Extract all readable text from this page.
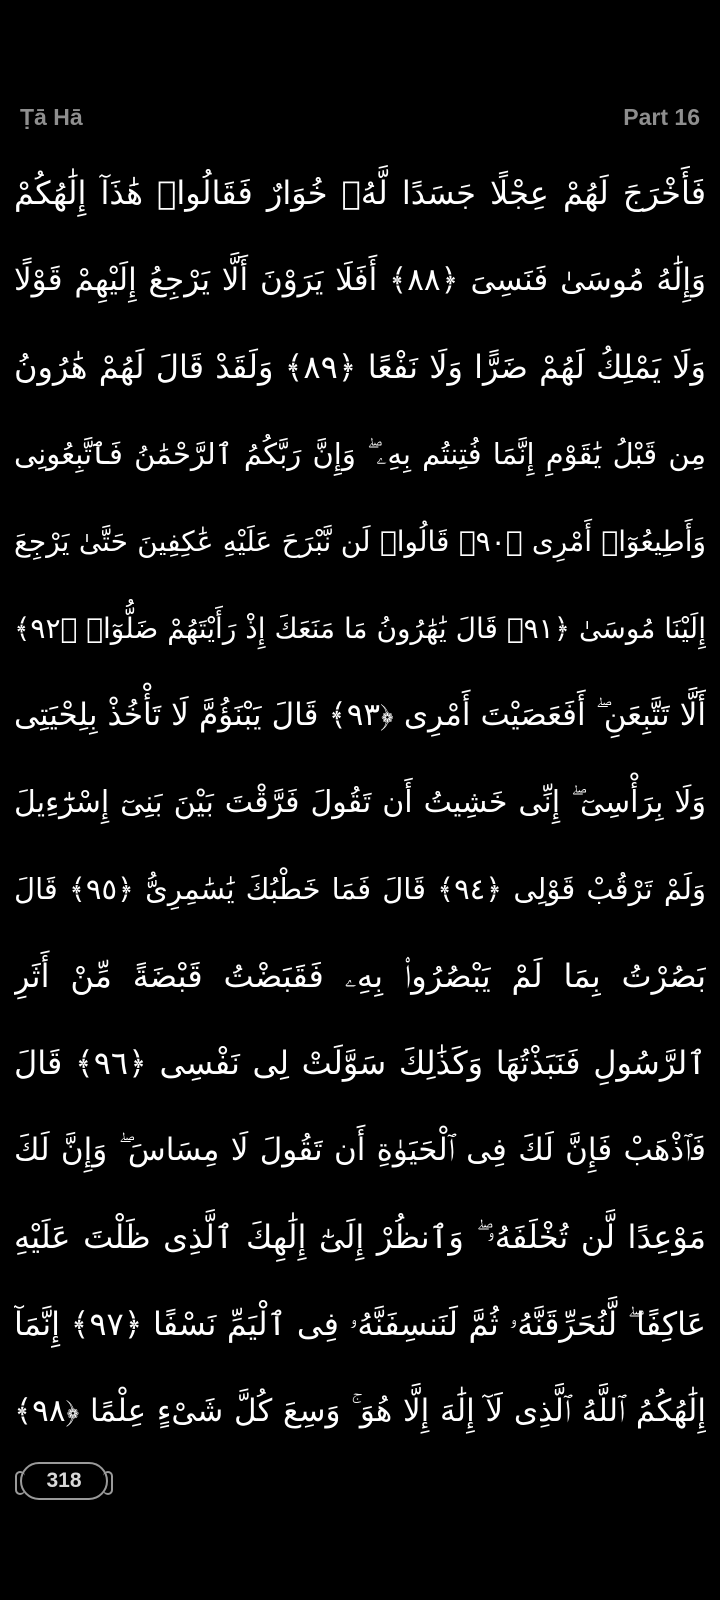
Ṭā Hā	Part 16
فَأَخْرَجَ لَهُمْ عِجْلًا جَسَدًا لَّهُۥ خُوَارٌ فَقَالُوا۟ هَٰذَآ إِلَٰهُكُمْ
وَإِلَٰهُ مُوسَىٰ فَنَسِىَ ﴿٨٨﴾ أَفَلَا يَرَوْنَ أَلَّا يَرْجِعُ إِلَيْهِمْ قَوْلًا
وَلَا يَمْلِكُ لَهُمْ ضَرًّا وَلَا نَفْعًا ﴿٨٩﴾ وَلَقَدْ قَالَ لَهُمْ هَٰرُونُ
مِن قَبْلُ يَٰقَوْمِ إِنَّمَا فُتِنتُم بِهِۦ ۖ وَإِنَّ رَبَّكُمُ ٱلرَّحْمَٰنُ فَٱتَّبِعُونِى
وَأَطِيعُوٓا۟ أَمْرِى ﴿٩٠﴾ قَالُوا۟ لَن نَّبْرَحَ عَلَيْهِ عَٰكِفِينَ حَتَّىٰ يَرْجِعَ
إِلَيْنَا مُوسَىٰ ﴿٩١﴾ قَالَ يَٰهَٰرُونُ مَا مَنَعَكَ إِذْ رَأَيْتَهُمْ ضَلُّوٓا۟ ﴿٩٢﴾
أَلَّا تَتَّبِعَنِ ۖ أَفَعَصَيْتَ أَمْرِى ﴿٩٣﴾ قَالَ يَبْنَؤُمَّ لَا تَأْخُذْ بِلِحْيَتِى
وَلَا بِرَأْسِىٓ ۖ إِنِّى خَشِيتُ أَن تَقُولَ فَرَّقْتَ بَيْنَ بَنِىٓ إِسْرَٰٓءِيلَ
وَلَمْ تَرْقُبْ قَوْلِى ﴿٩٤﴾ قَالَ فَمَا خَطْبُكَ يَٰسَٰمِرِىُّ ﴿٩٥﴾ قَالَ
بَصُرْتُ بِمَا لَمْ يَبْصُرُوا۟ بِهِۦ فَقَبَضْتُ قَبْضَةً مِّنْ أَثَرِ
ٱلرَّسُولِ فَنَبَذْتُهَا وَكَذَٰلِكَ سَوَّلَتْ لِى نَفْسِى ﴿٩٦﴾ قَالَ
فَٱذْهَبْ فَإِنَّ لَكَ فِى ٱلْحَيَوٰةِ أَن تَقُولَ لَا مِسَاسَ ۖ وَإِنَّ لَكَ
مَوْعِدًا لَّن تُخْلَفَهُۥ ۖ وَٱنظُرْ إِلَىٰٓ إِلَٰهِكَ ٱلَّذِى ظَلْتَ عَلَيْهِ
عَاكِفًا ۖ لَّنُحَرِّقَنَّهُۥ ثُمَّ لَنَنسِفَنَّهُۥ فِى ٱلْيَمِّ نَسْفًا ﴿٩٧﴾ إِنَّمَآ
إِلَٰهُكُمُ ٱللَّهُ ٱلَّذِى لَآ إِلَٰهَ إِلَّا هُوَ ۚ وَسِعَ كُلَّ شَىْءٍ عِلْمًا ﴿٩٨﴾
318
